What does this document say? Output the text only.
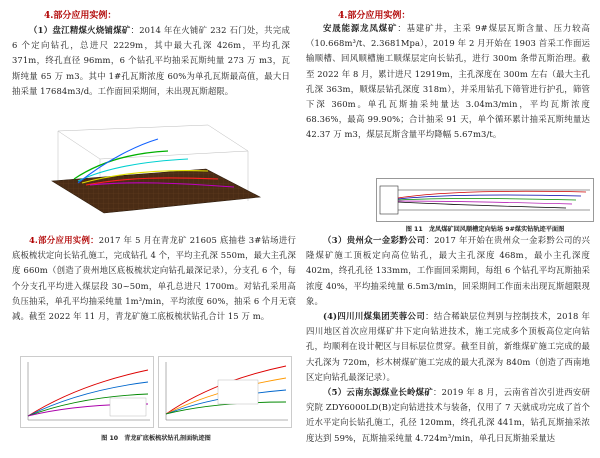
4.部分应用实例：

（1）盘江精煤火烧铺煤矿：2014 年在火铺矿 232 石门处，共完成 6 个定向钻孔，总进尺 2229m，其中最大孔深 426m，平均孔深 371m，终孔直径 96mm，6 个钻孔平均抽采瓦斯纯量 273 万 m3，瓦斯纯量 65 万 m3。其中 1#孔瓦斯浓度 60%为单孔瓦斯最高值，最大日抽采量 17684m3/d。工作面回采期间，未出现瓦斯超限。

4.部分应用实例：

安晟能源龙凤煤矿：基建矿井，主采 9#煤层瓦斯含量、压力较高（10.668m³/t、2.3681Mpa），2019 年 2 月开始在 1903 首采工作面运输顺槽、回风顺槽施工顺煤层定向长钻孔，进行 300m 条带瓦斯治理。截至 2022 年 8 月，累计进尺 12919m，主孔深度在 300m 左右（最大主孔孔深 363m，顺煤层钻孔深度 318m），并采用钻孔下筛管进行护孔，筛管下深 360m。单孔瓦斯抽采纯量达 3.04m3/min，平均瓦斯浓度 68.36%，最高 99.90%；合计抽采 91 天，单个循环累计抽采瓦斯纯量达 42.37 万 m3，煤层瓦斯含量平均降幅 5.67m3/t。

图 11　龙凤煤矿回风顺槽定向钻场 9#煤实钻轨迹平面图

4.部分应用实例：2017 年 5 月在青龙矿 21605 底抽巷 3#钻场进行底板梳状定向长钻孔施工，完成钻孔 4 个，平均主孔深 550m，最大主孔深度 660m（创造了贵州地区底板梳状定向钻孔最深记录），分支孔 6 个，每个分支孔平均进入煤层段 30~50m，单孔总进尺 1700m。对钻孔采用高负压抽采，单孔平均抽采纯量 1m³/min，平均浓度 60%，抽采 6 个月无衰减。截至 2022 年 11 月，青龙矿施工底板梳状钻孔合计 15 万 m。

图 10　青龙矿底板梳状钻孔剖面轨迹图

（3）贵州众一金彩黔公司：2017 年开始在贵州众一金彩黔公司的兴隆煤矿施工顶板定向高位钻孔，最大主孔深度 468m，最小主孔深度 402m，终孔孔径 133mm，工作面回采期间，每组 6 个钻孔平均瓦斯抽采浓度 40%，平均抽采纯量 6.5m3/min，回采期间工作面未出现瓦斯超限现象。

(4)四川川煤集团芙蓉公司：结合稀缺层位判别与控制技术，2018 年四川地区首次应用煤矿井下定向钻进技术，施工完成多个顶板高位定向钻孔，均顺利在设计靶区与目标层位贯穿。截至目前，新维煤矿施工完成的最大孔深为 720m，杉木树煤矿施工完成的最大孔深为 840m（创造了西南地区定向钻孔最深记录）。

（5）云南东源煤业长岭煤矿：2019 年 8 月，云南省首次引进西安研究院 ZDY6000LD(B)定向钻进技术与装备，仅用了 7 天就成功完成了首个近水平定向长钻孔施工，孔径 120mm，终孔孔深 441m，钻孔瓦斯抽采浓度达到 59%，瓦斯抽采纯量 4.724m³/min，单孔日瓦斯抽采量达
